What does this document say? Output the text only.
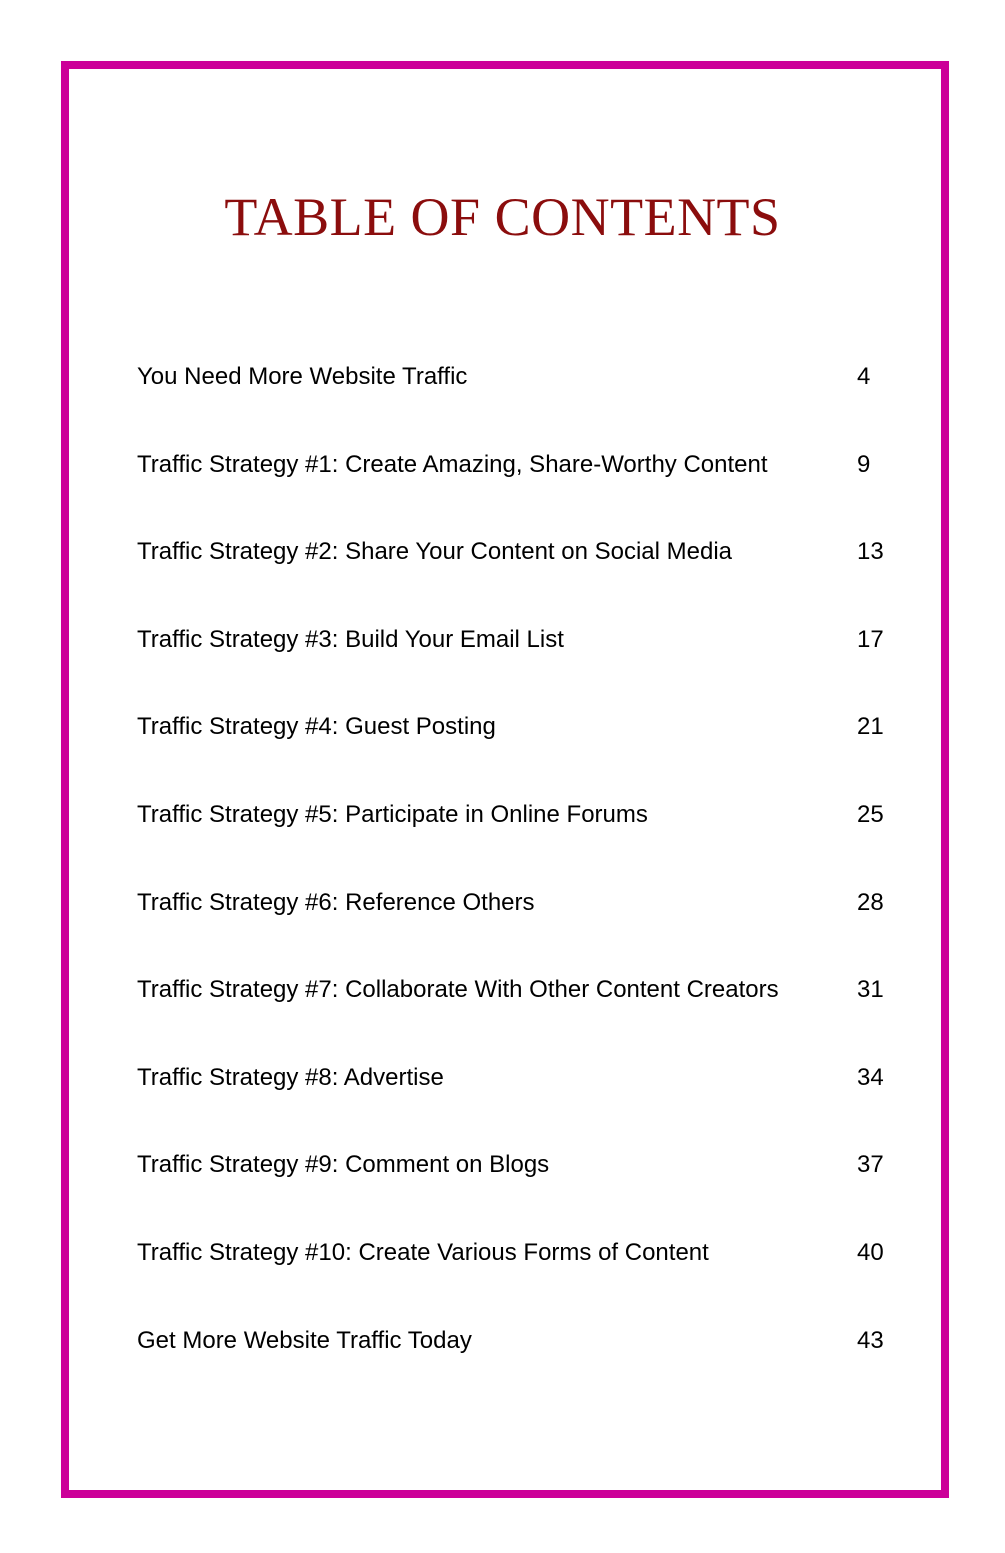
TABLE OF CONTENTS
You Need More Website Traffic	4
Traffic Strategy #1: Create Amazing, Share-Worthy Content	9
Traffic Strategy #2: Share Your Content on Social Media	13
Traffic Strategy #3: Build Your Email List	17
Traffic Strategy #4: Guest Posting	21
Traffic Strategy #5: Participate in Online Forums	25
Traffic Strategy #6: Reference Others	28
Traffic Strategy #7: Collaborate With Other Content Creators	31
Traffic Strategy #8: Advertise	34
Traffic Strategy #9: Comment on Blogs	37
Traffic Strategy #10: Create Various Forms of Content	40
Get More Website Traffic Today	43
